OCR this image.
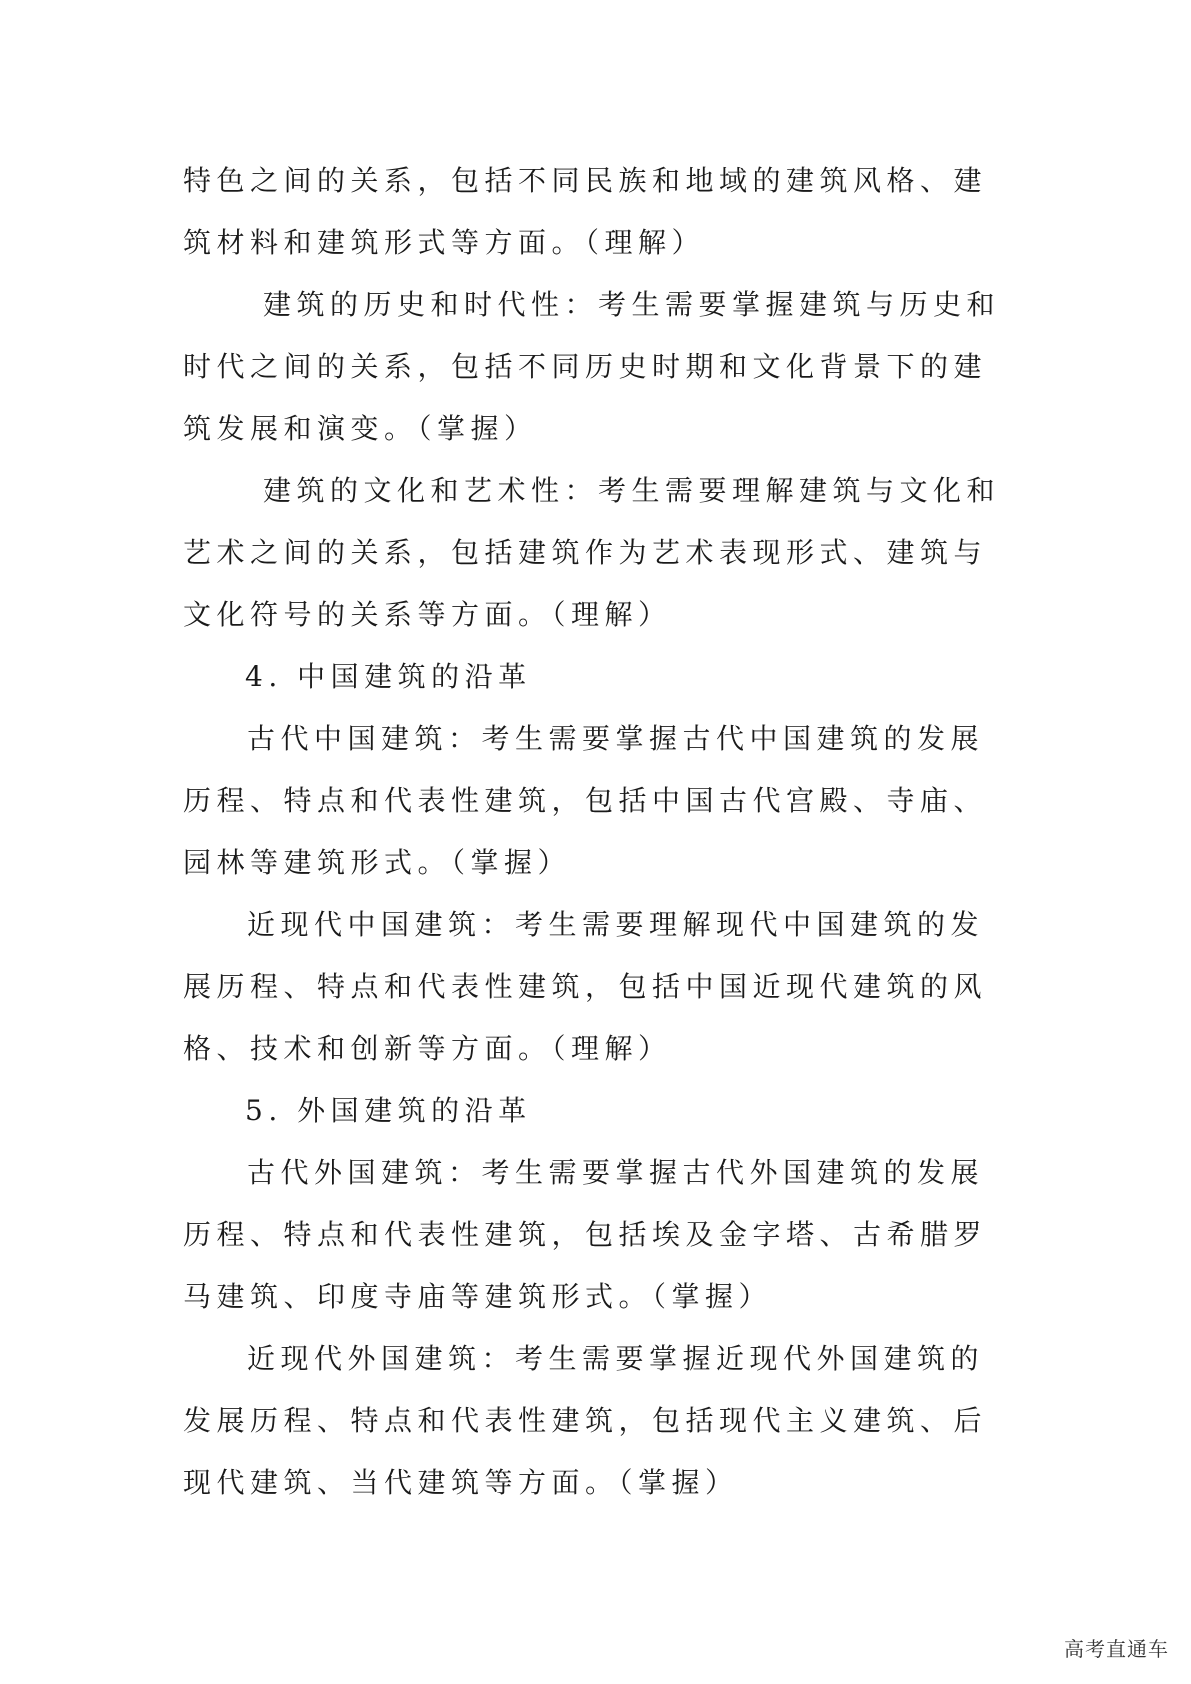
特色之间的关系，包括不同民族和地域的建筑风格、建筑材料和建筑形式等方面。（理解）

建筑的历史和时代性：考生需要掌握建筑与历史和时代之间的关系，包括不同历史时期和文化背景下的建筑发展和演变。（掌握）

建筑的文化和艺术性：考生需要理解建筑与文化和艺术之间的关系，包括建筑作为艺术表现形式、建筑与文化符号的关系等方面。（理解）

4. 中国建筑的沿革

古代中国建筑：考生需要掌握古代中国建筑的发展历程、特点和代表性建筑，包括中国古代宫殿、寺庙、园林等建筑形式。（掌握）

近现代中国建筑：考生需要理解现代中国建筑的发展历程、特点和代表性建筑，包括中国近现代建筑的风格、技术和创新等方面。（理解）

5. 外国建筑的沿革

古代外国建筑：考生需要掌握古代外国建筑的发展历程、特点和代表性建筑，包括埃及金字塔、古希腊罗马建筑、印度寺庙等建筑形式。（掌握）

近现代外国建筑：考生需要掌握近现代外国建筑的发展历程、特点和代表性建筑，包括现代主义建筑、后现代建筑、当代建筑等方面。（掌握）

高考直通车
